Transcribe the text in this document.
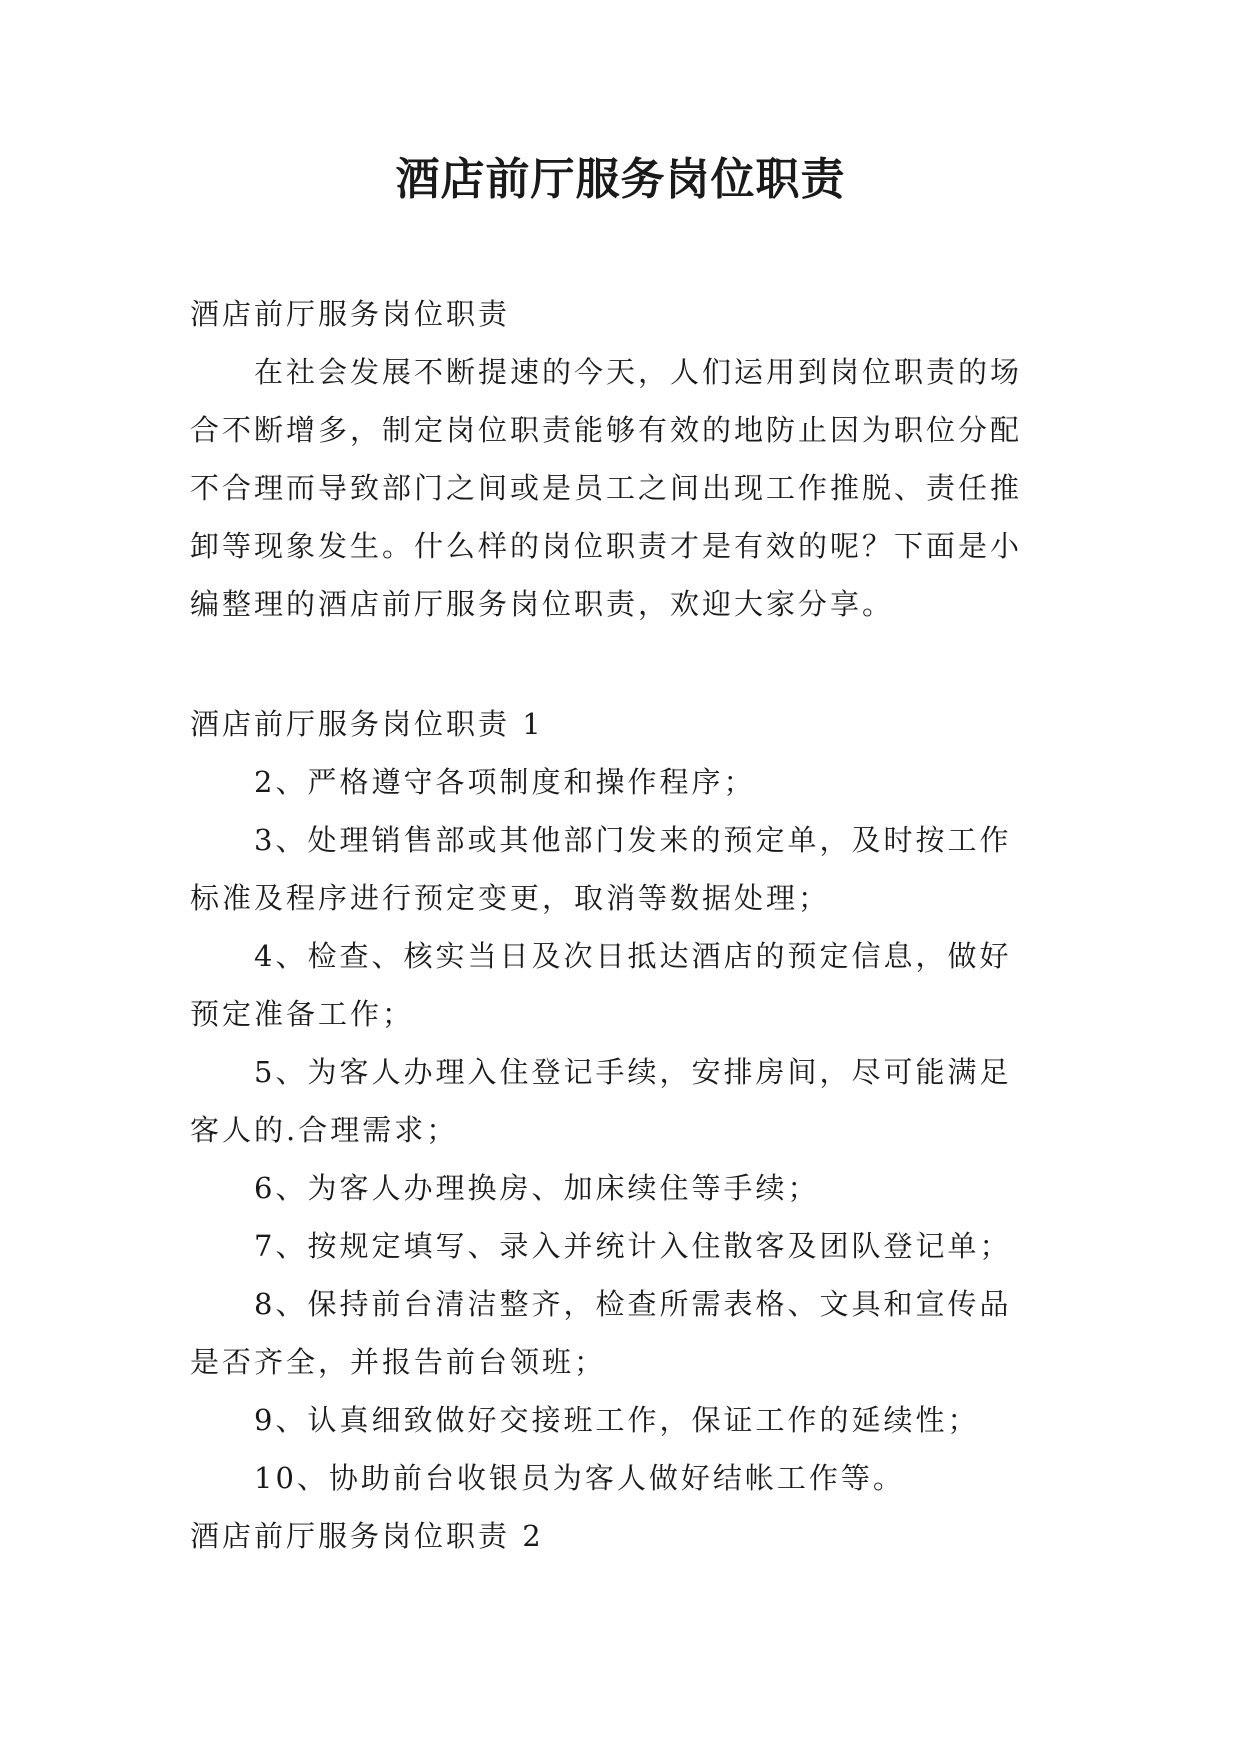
酒店前厅服务岗位职责

酒店前厅服务岗位职责

在社会发展不断提速的今天，人们运用到岗位职责的场

合不断增多，制定岗位职责能够有效的地防止因为职位分配

不合理而导致部门之间或是员工之间出现工作推脱、责任推

卸等现象发生。什么样的岗位职责才是有效的呢？下面是小

编整理的酒店前厅服务岗位职责，欢迎大家分享。

酒店前厅服务岗位职责 1

2、严格遵守各项制度和操作程序；

3、处理销售部或其他部门发来的预定单，及时按工作

标准及程序进行预定变更，取消等数据处理；

4、检查、核实当日及次日抵达酒店的预定信息，做好

预定准备工作；

5、为客人办理入住登记手续，安排房间，尽可能满足

客人的.合理需求；

6、为客人办理换房、加床续住等手续；

7、按规定填写、录入并统计入住散客及团队登记单；

8、保持前台清洁整齐，检查所需表格、文具和宣传品

是否齐全，并报告前台领班；

9、认真细致做好交接班工作，保证工作的延续性；

10、协助前台收银员为客人做好结帐工作等。

酒店前厅服务岗位职责 2
